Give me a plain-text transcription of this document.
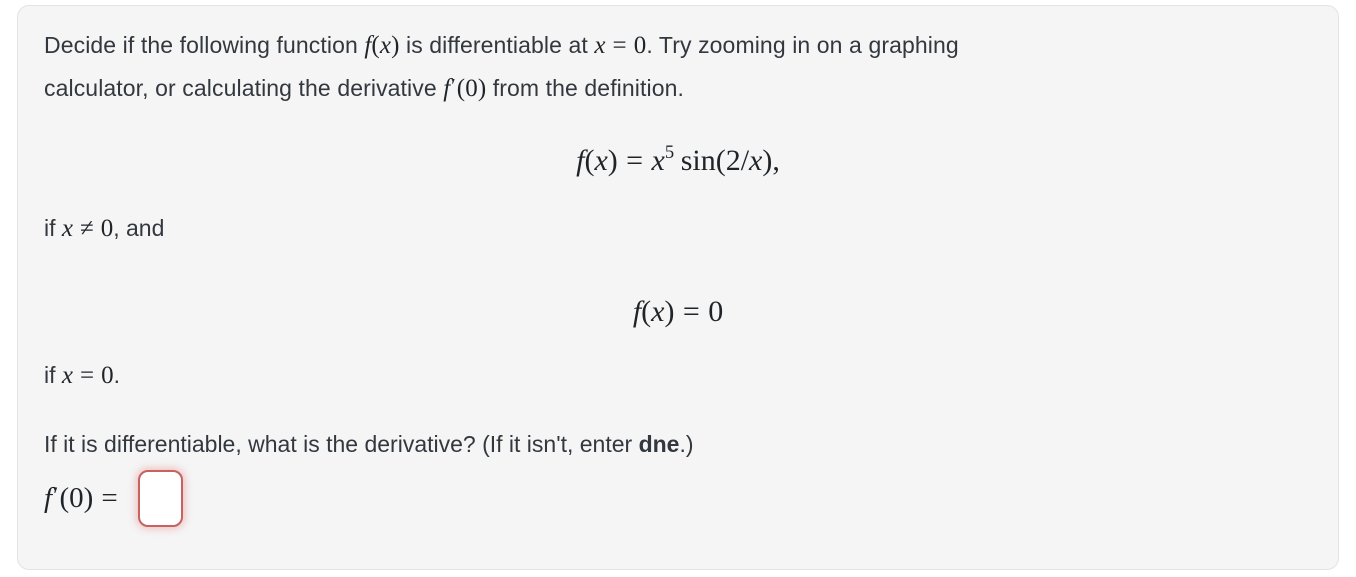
Decide if the following function f(x) is differentiable at x = 0. Try zooming in on a graphing
calculator, or calculating the derivative f′(0) from the definition.
$f(x) = x^5$ sin(2/x),
if x ≠ 0, and
f(x) = 0
if x = 0.
If it is differentiable, what is the derivative? (If it isn't, enter dne.)
f′(0) =
